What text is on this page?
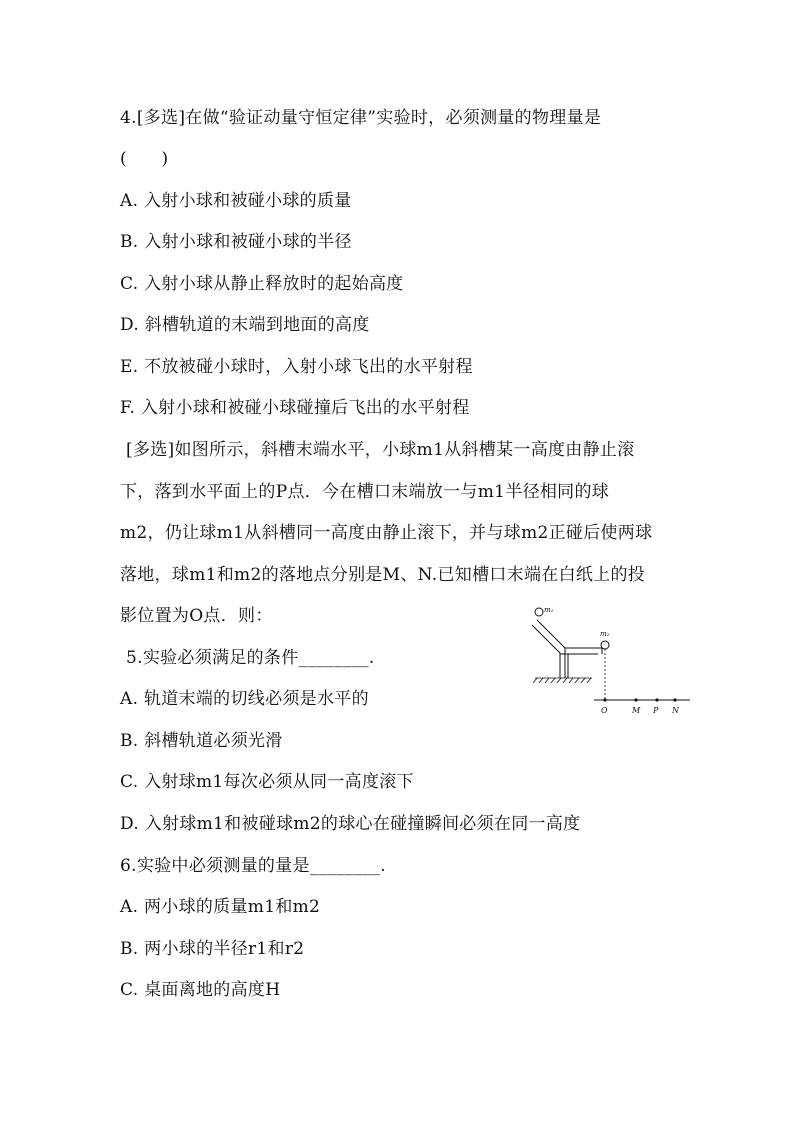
4.[多选]在做“验证动量守恒定律”实验时，必须测量的物理量是
(　　)
A. 入射小球和被碰小球的质量
B. 入射小球和被碰小球的半径
C. 入射小球从静止释放时的起始高度
D. 斜槽轨道的末端到地面的高度
E. 不放被碰小球时，入射小球飞出的水平射程
F. 入射小球和被碰小球碰撞后飞出的水平射程
[多选]如图所示，斜槽末端水平，小球m1从斜槽某一高度由静止滚
下，落到水平面上的P点．今在槽口末端放一与m1半径相同的球
m2，仍让球m1从斜槽同一高度由静止滚下，并与球m2正碰后使两球
落地，球m1和m2的落地点分别是M、N.已知槽口末端在白纸上的投
影位置为O点．则：
5.实验必须满足的条件________.
A. 轨道末端的切线必须是水平的
B. 斜槽轨道必须光滑
C. 入射球m1每次必须从同一高度滚下
D. 入射球m1和被碰球m2的球心在碰撞瞬间必须在同一高度
6.实验中必须测量的量是________.
A. 两小球的质量m1和m2
B. 两小球的半径r1和r2
C. 桌面离地的高度H
m₁
m₂
O	M P N
